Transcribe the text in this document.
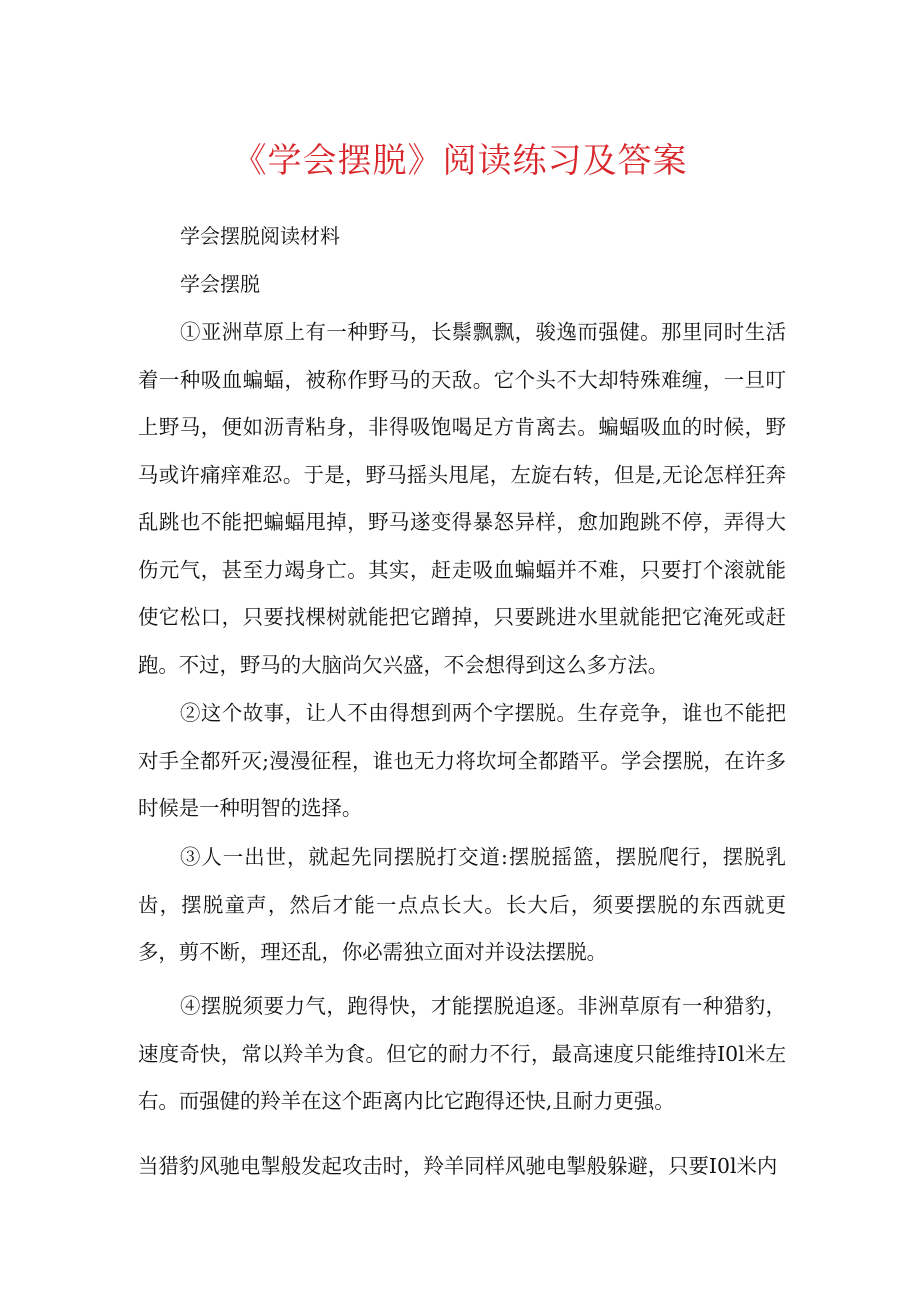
《学会摆脱》阅读练习及答案

学会摆脱阅读材料

学会摆脱

①亚洲草原上有一种野马，长鬃飘飘，骏逸而强健。那里同时生活着一种吸血蝙蝠，被称作野马的天敌。它个头不大却特殊难缠，一旦叮上野马，便如沥青粘身，非得吸饱喝足方肯离去。蝙蝠吸血的时候，野马或许痛痒难忍。于是，野马摇头甩尾，左旋右转，但是,无论怎样狂奔乱跳也不能把蝙蝠甩掉，野马遂变得暴怒异样，愈加跑跳不停，弄得大伤元气，甚至力竭身亡。其实，赶走吸血蝙蝠并不难，只要打个滚就能使它松口，只要找棵树就能把它蹭掉，只要跳进水里就能把它淹死或赶跑。不过，野马的大脑尚欠兴盛，不会想得到这么多方法。

②这个故事，让人不由得想到两个字摆脱。生存竞争，谁也不能把对手全都歼灭;漫漫征程，谁也无力将坎坷全都踏平。学会摆脱，在许多时候是一种明智的选择。

③人一出世，就起先同摆脱打交道:摆脱摇篮，摆脱爬行，摆脱乳齿，摆脱童声，然后才能一点点长大。长大后，须要摆脱的东西就更多，剪不断，理还乱，你必需独立面对并设法摆脱。

④摆脱须要力气，跑得快，才能摆脱追逐。非洲草原有一种猎豹，速度奇快，常以羚羊为食。但它的耐力不行，最高速度只能维持I0l米左右。而强健的羚羊在这个距离内比它跑得还快,且耐力更强。

当猎豹风驰电掣般发起攻击时，羚羊同样风驰电掣般躲避，只要I0l米内
